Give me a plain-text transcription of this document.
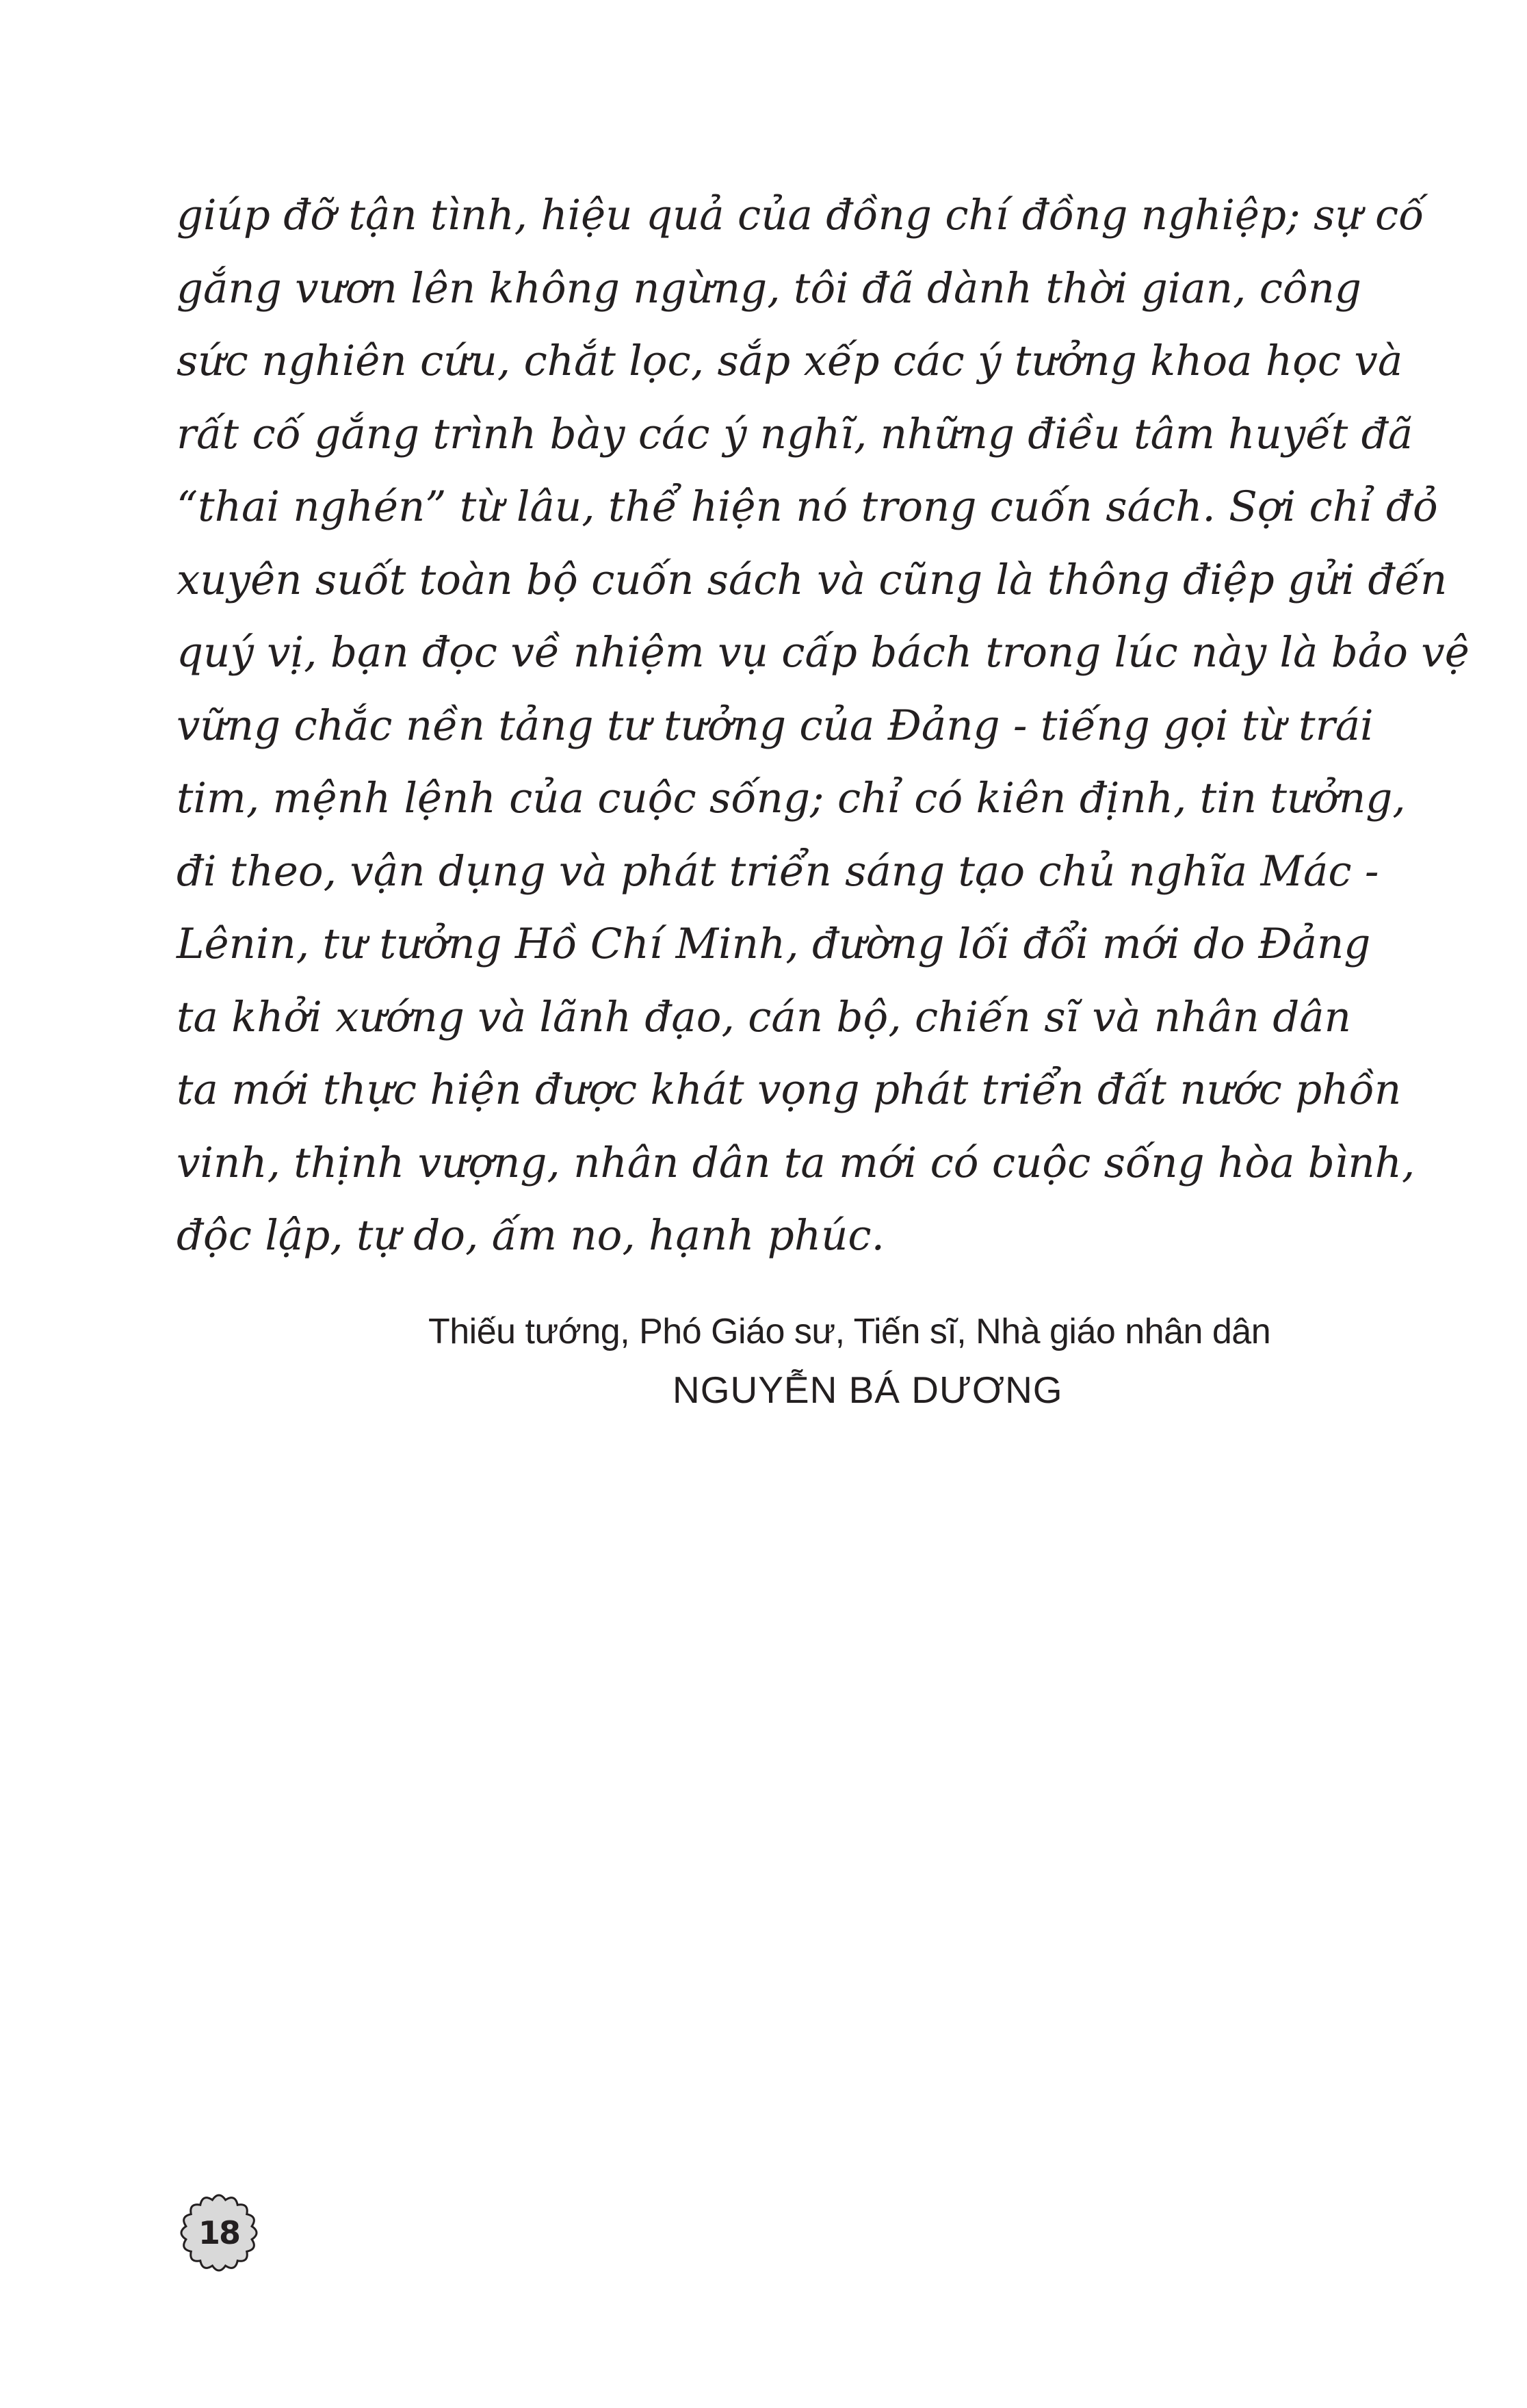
giúp đỡ tận tình, hiệu quả của đồng chí đồng nghiệp; sự cố
gắng vươn lên không ngừng, tôi đã dành thời gian, công
sức nghiên cứu, chắt lọc, sắp xếp các ý tưởng khoa học và
rất cố gắng trình bày các ý nghĩ, những điều tâm huyết đã
“thai nghén” từ lâu, thể hiện nó trong cuốn sách. Sợi chỉ đỏ
xuyên suốt toàn bộ cuốn sách và cũng là thông điệp gửi đến
quý vị, bạn đọc về nhiệm vụ cấp bách trong lúc này là bảo vệ
vững chắc nền tảng tư tưởng của Đảng - tiếng gọi từ trái
tim, mệnh lệnh của cuộc sống; chỉ có kiên định, tin tưởng,
đi theo, vận dụng và phát triển sáng tạo chủ nghĩa Mác -
Lênin, tư tưởng Hồ Chí Minh, đường lối đổi mới do Đảng
ta khởi xướng và lãnh đạo, cán bộ, chiến sĩ và nhân dân
ta mới thực hiện được khát vọng phát triển đất nước phồn
vinh, thịnh vượng, nhân dân ta mới có cuộc sống hòa bình,
độc lập, tự do, ấm no, hạnh phúc.
Thiếu tướng, Phó Giáo sư, Tiến sĩ, Nhà giáo nhân dân
NGUYỄN BÁ DƯƠNG
18
